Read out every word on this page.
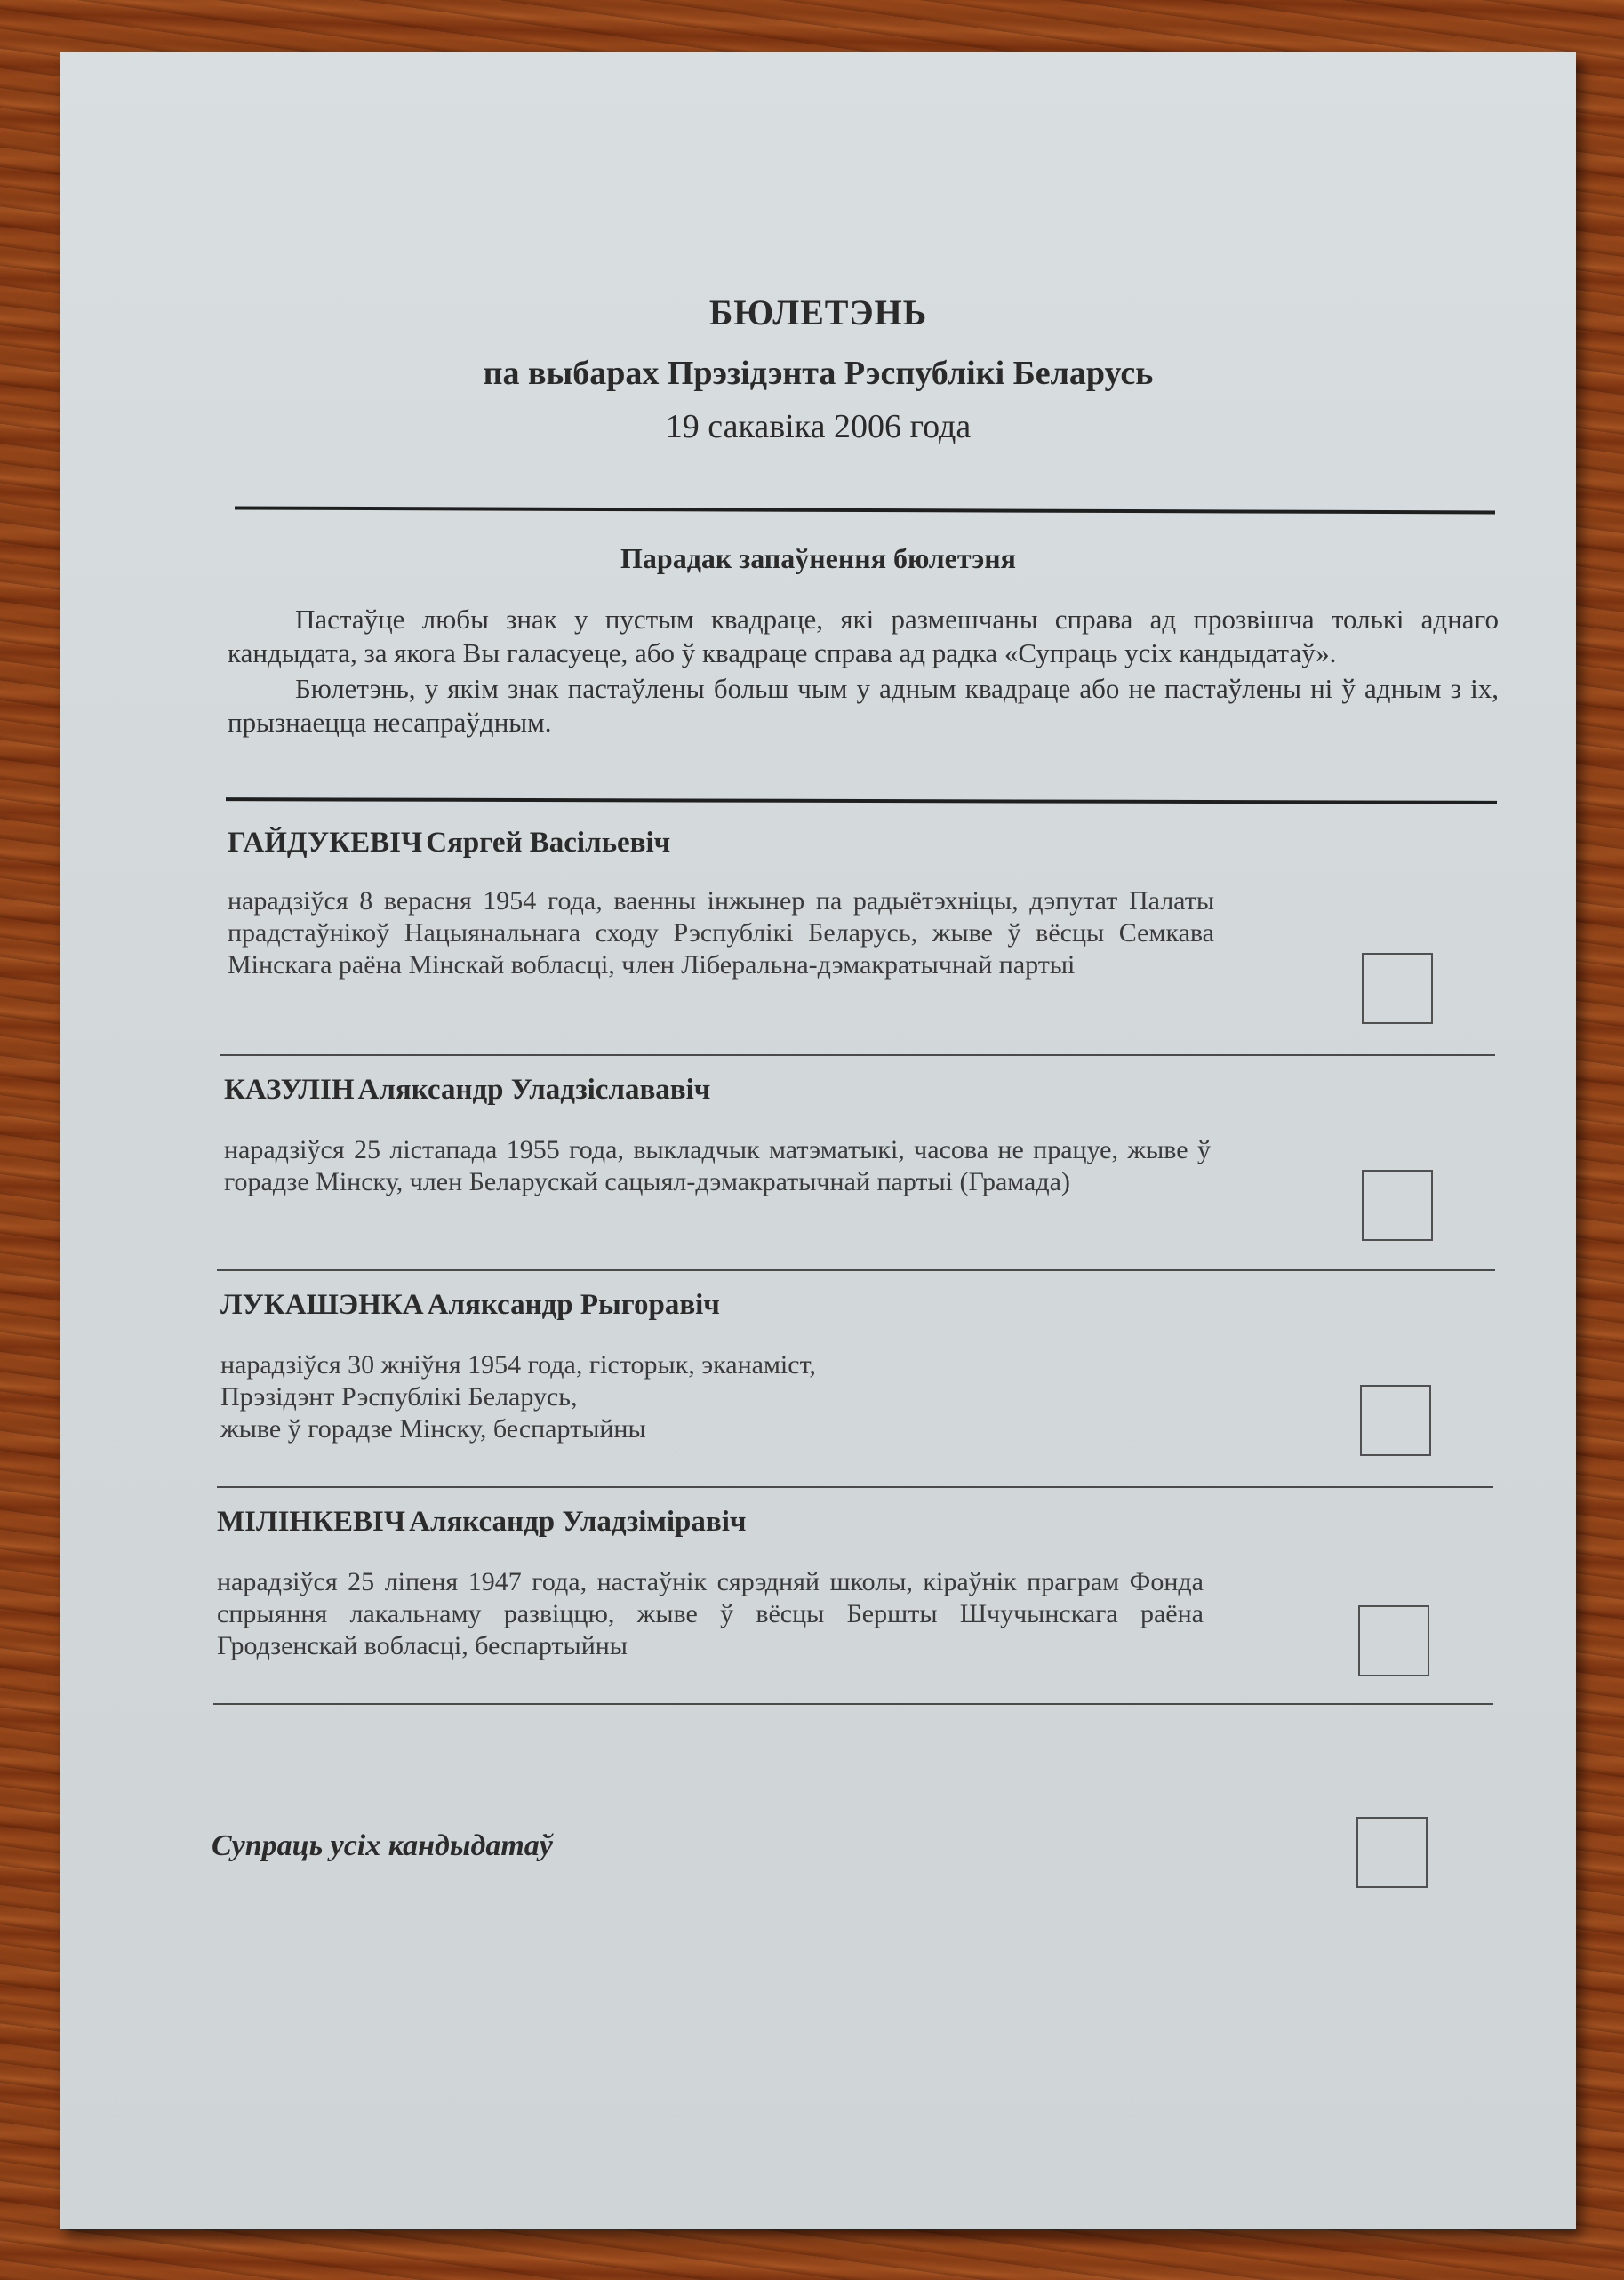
БЮЛЕТЭНЬ
па выбарах Прэзідэнта Рэспублікі Беларусь
19 сакавіка 2006 года
Парадак запаўнення бюлетэня

Пастаўце любы знак у пустым квадраце, які размешчаны справа ад прозвішча толькі аднаго кандыдата, за якога Вы галасуеце, або ў квадраце справа ад радка «Супраць усіх кандыдатаў».

Бюлетэнь, у якім знак пастаўлены больш чым у адным квадраце або не пастаўлены ні ў адным з іх, прызнаецца несапраўдным.

ГАЙДУКЕВІЧ Сяргей Васільевіч
нарадзіўся 8 верасня 1954 года, ваенны інжынер па радыётэхніцы, дэпутат Палаты прадстаўнікоў Нацыянальнага сходу Рэспублікі Беларусь, жыве ў вёсцы Семкава Мінскага раёна Мінскай вобласці, член Ліберальна-дэмакратычнай партыі
КАЗУЛІН Аляксандр Уладзіслававіч
нарадзіўся 25 лістапада 1955 года, выкладчык матэматыкі, часова не працуе, жыве ў горадзе Мінску, член Беларускай сацыял-дэмакратычнай партыі (Грамада)
ЛУКАШЭНКА Аляксандр Рыгоравіч
нарадзіўся 30 жніўня 1954 года, гісторык, эканаміст,
Прэзідэнт Рэспублікі Беларусь,
жыве ў горадзе Мінску, беспартыйны
МІЛІНКЕВІЧ Аляксандр Уладзіміравіч
нарадзіўся 25 ліпеня 1947 года, настаўнік сярэдняй школы, кіраўнік праграм Фонда спрыяння лакальнаму развіццю, жыве ў вёсцы Бершты Шчучынскага раёна Гродзенскай вобласці, беспартыйны
Супраць усіх кандыдатаў
